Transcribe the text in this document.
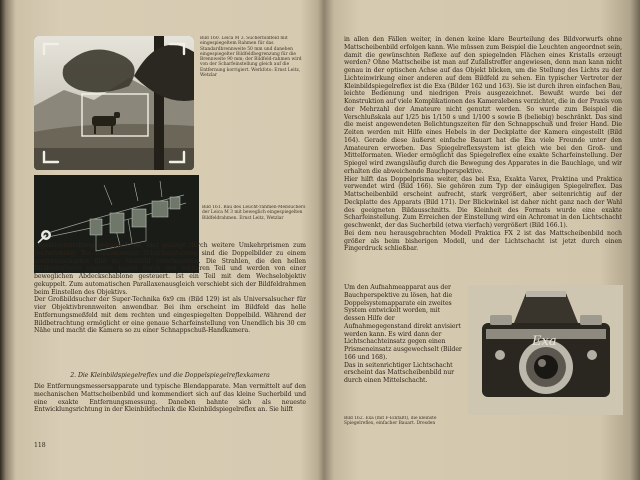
Bild 160. Leica M 3. Sucherbildfeld mit eingespiegeltem Rahmen für das Standardbrennweite 50 mm und daneben eingespiegelter Bildfeldbegrenzung für die Brennweite 90 mm; der Bildfeld-rahmen wird von der Scharfeinstellung gleich auf die Entfernung korrigiert. Werkfoto: Ernst Leitz, Wetzlar
Bild 161. Bau des Leucht-rahmen-Meßsuchers der Leica M 3 mit beweglich eingespiegelten Bildfeldrahmen. Ernst Leitz, Wetzlar

Objektiveinstellung gekuppelt ist, und gelangt durch weitere Umkehrprismen zum Sucherokular. Bei vollkommener Scharfeinstellung sind die Doppelbilder zu einem konturenscharfen Bild im Meßfeld verschmolzen. Die Strahlen, die den hellen Bildfeldrahmen ergeben, laufen durch den mittleren Teil und werden von einer beweglichen Abdeckschablone gesteuert. Ist ein Teil mit dem Wechselobjektiv gekuppelt. Zum automatischen Parallaxenausgleich verschiebt sich der Bildfeldrahmen beim Einstellen des Objektivs.

Der Großbildsucher der Super-Technika 6x9 cm (Bild 129) ist als Universalsucher für vier Objektivbrennweiten anwendbar. Bei ihm erscheint im Bildfeld das helle Entfernungsmeßfeld mit dem rechten und eingespiegelten Doppelbild. Während der Bildbetrachtung ermöglicht er eine genaue Scharfeinstellung von Unendlich bis 30 cm Nähe und macht die Kamera so zu einer Schnappschuß-Handkamera.

2. Die Kleinbildspiegelreflex und die Doppelspiegelreflexkamera

Die Entfernungsmessersapparate und typische Blendapparate. Man vermittelt auf den mechanischen Mattscheibenbild und kommendiert sich auf das kleine Sucherbild und eine exakte Entfernungsmessung. Daneben bahnte sich als neueste Entwicklungsrichtung in der Kleinbildtechnik die Kleinbildspiegelreflex an. Sie hilft

118

in allen den Fällen weiter, in denen keine klare Beurteilung des Bildvorwurfs ohne Mattscheibenbild erfolgen kann. Wie müssen zum Beispiel die Leuchten angeordnet sein, damit die gewünschten Reflexe auf den spiegelnden Flächen eines Kristalls erzeugt werden? Ohne Mattscheibe ist man auf Zufallstreffer angewiesen, denn man kann nicht genau in der optischen Achse auf das Objekt blicken, um die Stellung des Lichts zu der Lichteinwirkung einer anderen auf dem Bildfeld zu sehen. Ein typischer Vertreter der Kleinbildspiegelreflex ist die Exa (Bilder 162 und 163). Sie ist durch ihren einfachen Bau, leichte Bedienung und niedrigen Preis ausgezeichnet. Bewußt wurde bei der Konstruktion auf viele Komplikationen des Kameralebens verzichtet, die in der Praxis von der Mehrzahl der Amateure nicht genutzt werden. So wurde zum Beispiel die Verschlußskala auf 1/25 bis 1/150 s und 1/100 s sowie B (beliebig) beschränkt. Das sind die meist angewendeten Belichtungszeiten für den Schnappschuß und freier Hand. Die Zeiten werden mit Hilfe eines Hebels in der Deckplatte der Kamera eingestellt (Bild 164). Gerade diese äußerst einfache Bauart hat die Exa viele Freunde unter den Amateuren erworben. Das Spiegelreflexsystem ist gleich wie bei den Groß- und Mittelformaten. Wieder ermöglicht das Spiegelreflex eine exakte Scharfeinstellung. Der Spiegel wird zwangsläufig durch die Bewegung des Apparates in die Bauchlage, und wir erhalten die abweichende Bauchperspektive.

Hier hilft das Doppelprisma weiter, das bei Exa, Exakta Varex, Praktina und Praktica verwendet wird (Bild 166). Sie gehören zum Typ der einäugigen Spiegelreflex. Das Mattscheibenbild erscheint aufrecht, stark vergrößert, aber seitenrichtig auf der Deckplatte des Apparats (Bild 171). Der Blickwinkel ist daher nicht ganz nach der Wahl des geeigneten Bildausschnitts. Die Kleinheit des Formats wurde eine exakte Scharfeinstellung. Zum Erreichen der Einstellung wird ein Achromat in den Lichtschacht geschwenkt, der das Sucherbild (etwa vierfach) vergrößert (Bild 166.1).

Bei dem neu herausgebrachten Modell Praktica FX 2 ist das Mattscheibenbild noch größer als beim bisherigen Modell, und der Lichtschacht ist jetzt durch einen Fingerdruck schließbar.

Um den Aufnahmeapparat aus der Bauchperspektive zu lösen, hat die Doppelsystemapparate ein zweites System entwickelt worden, mit dessen Hilfe der Aufnahmegegenstand direkt anvisiert werden kann. Es wird dann der Lichtschachteinsatz gegen einen Prismeneinsatz ausgewechselt (Bilder 166 und 168).

Das in seitenrichtiger Lichtschacht erscheint das Mattscheibenbild nur durch einen Mittelschacht.

Exa
Bild 162. Exa (mit F-Einfaßt), die kleinste Spiegelreflex, einfacher Bauart. Dresden
